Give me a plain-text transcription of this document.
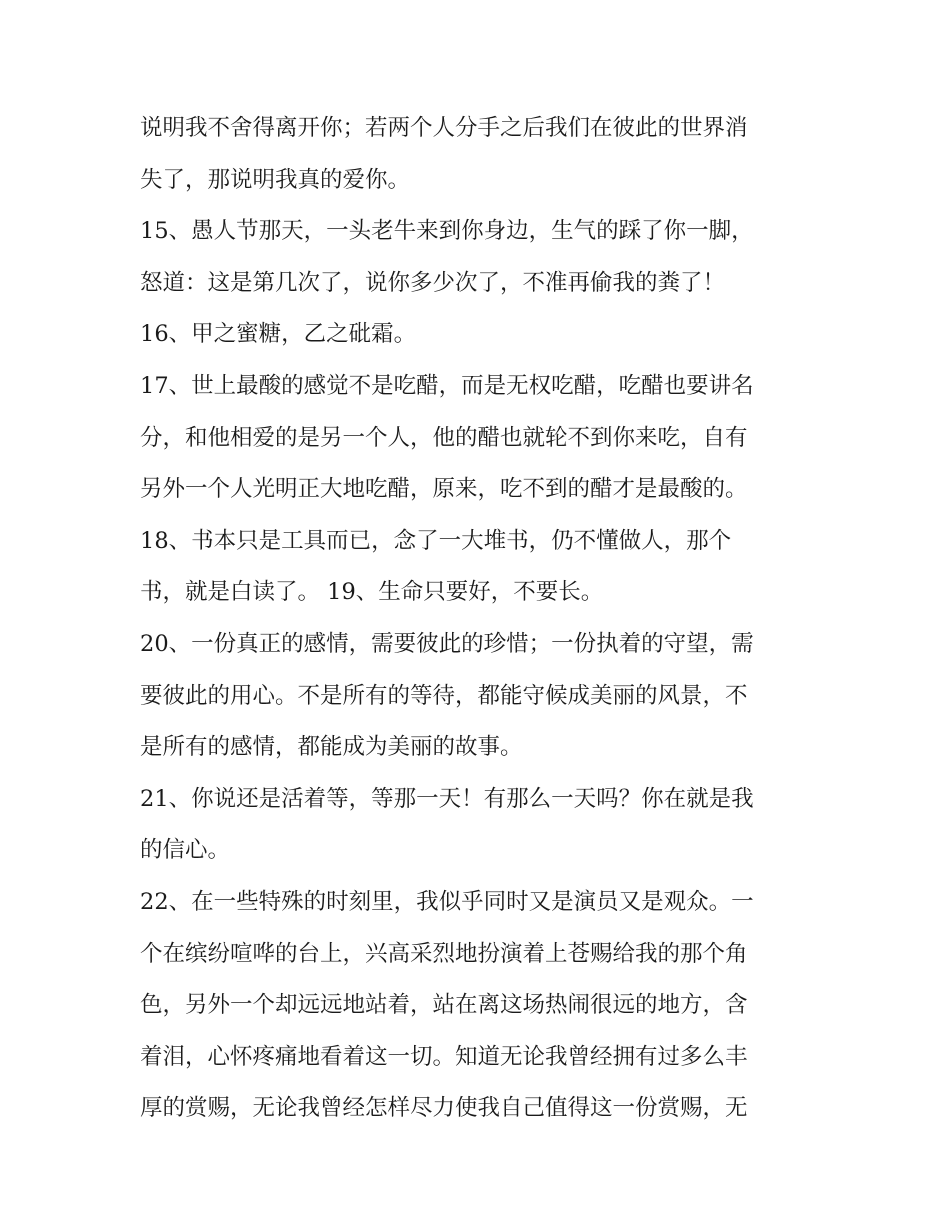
说明我不舍得离开你；若两个人分手之后我们在彼此的世界消
失了，那说明我真的爱你。
15、愚人节那天，一头老牛来到你身边，生气的踩了你一脚，
怒道：这是第几次了，说你多少次了，不准再偷我的粪了！
16、甲之蜜糖，乙之砒霜。
17、世上最酸的感觉不是吃醋，而是无权吃醋，吃醋也要讲名
分，和他相爱的是另一个人，他的醋也就轮不到你来吃，自有
另外一个人光明正大地吃醋，原来，吃不到的醋才是最酸的。
18、书本只是工具而已，念了一大堆书，仍不懂做人，那个
书，就是白读了。 19、生命只要好，不要长。
20、一份真正的感情，需要彼此的珍惜；一份执着的守望，需
要彼此的用心。不是所有的等待，都能守候成美丽的风景，不
是所有的感情，都能成为美丽的故事。
21、你说还是活着等，等那一天！有那么一天吗？你在就是我
的信心。
22、在一些特殊的时刻里，我似乎同时又是演员又是观众。一
个在缤纷喧哗的台上，兴高采烈地扮演着上苍赐给我的那个角
色，另外一个却远远地站着，站在离这场热闹很远的地方，含
着泪，心怀疼痛地看着这一切。知道无论我曾经拥有过多么丰
厚的赏赐，无论我曾经怎样尽力使我自己值得这一份赏赐，无
